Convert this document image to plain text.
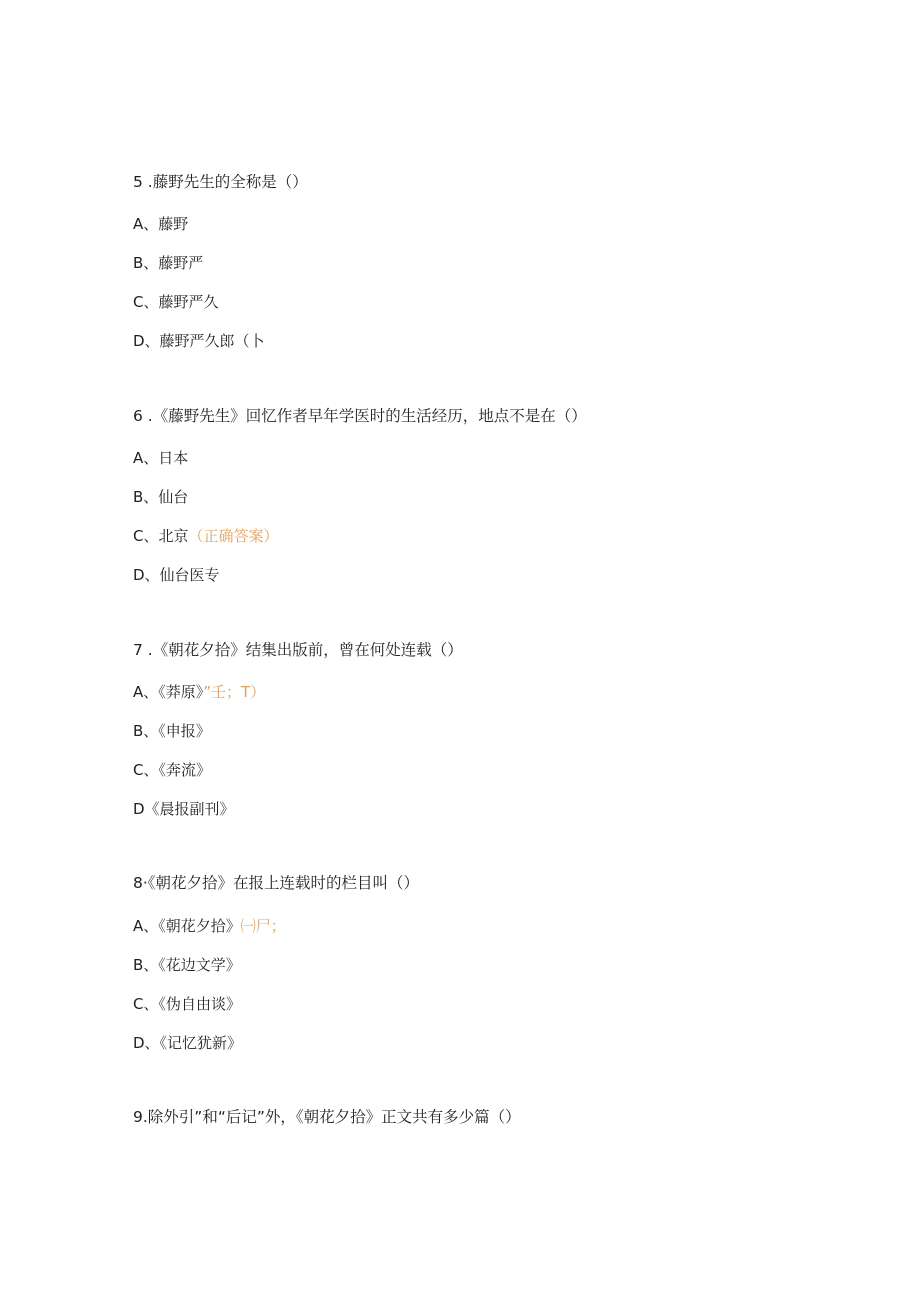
5 .藤野先生的全称是（）
A、藤野
B、藤野严
C、藤野严久
D、藤野严久郎（卜
6 .《藤野先生》回忆作者早年学医时的生活经历，地点不是在（）
A、日本
B、仙台
C、北京（正确答案）
D、仙台医专
7 .《朝花夕拾》结集出版前，曾在何处连载（）
A、《莽原》”壬；T）
B、《申报》
C、《奔流》
D《晨报副刊》
8·《朝花夕拾》在报上连载时的栏目叫（）
A、《朝花夕拾》㈠尸；
B、《花边文学》
C、《伪自由谈》
D、《记忆犹新》
9.除外引”和“后记”外，《朝花夕拾》正文共有多少篇（）
